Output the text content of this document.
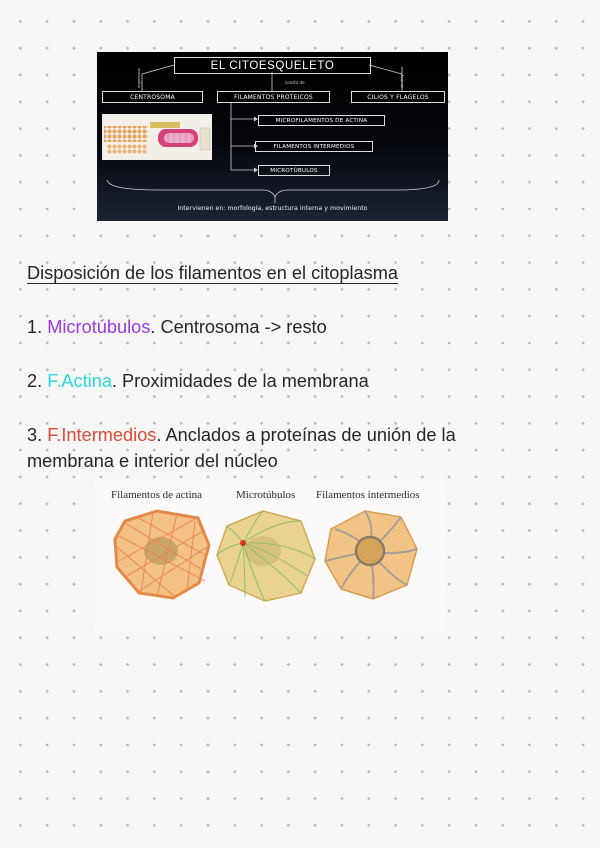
EL CITOESQUELETO
consta de
organizado	se desplaza
CENTROSOMA	FILAMENTOS PROTEICOS	CILIOS Y FLAGELOS
MICROFILAMENTOS DE ACTINA
FILAMENTOS INTERMEDIOS
MICROTÚBULOS
Intervienen en: morfología, estructura interna y movimiento
Disposición de los filamentos en el citoplasma
1. Microtúbulos. Centrosoma -> resto
2. F.Actina. Proximidades de la membrana
3. F.Intermedios. Anclados a proteínas de unión de la membrana e interior del núcleo
Filamentos de actina	Microtúbulos Filamentos intermedios
